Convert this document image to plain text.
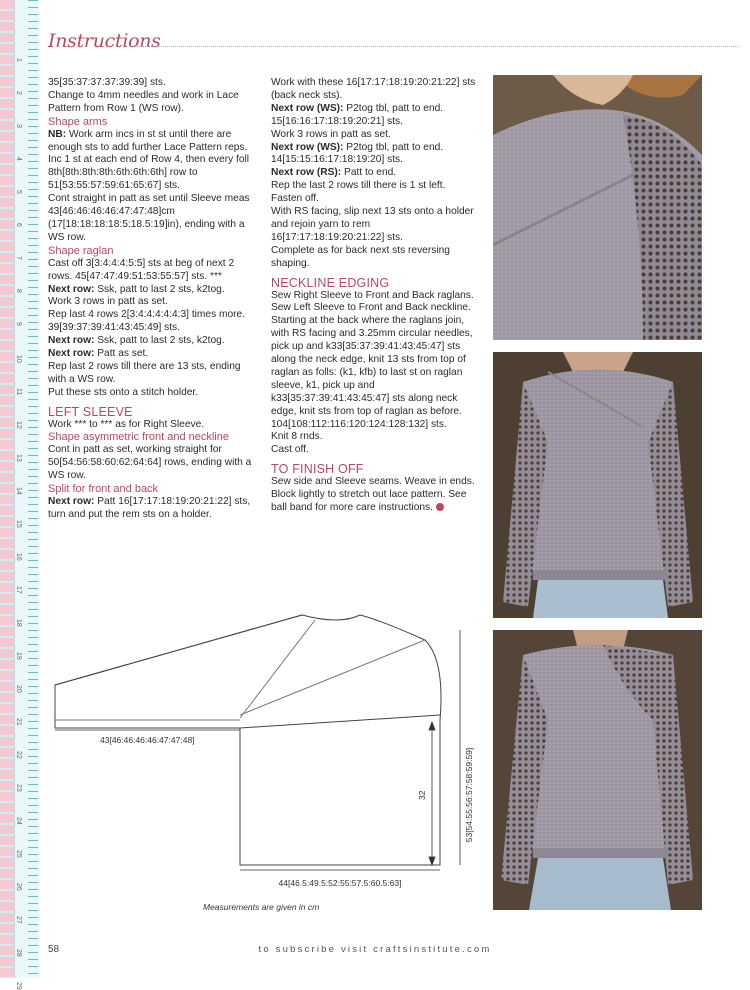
1
2
3
4
5
6
7
8
9
10
11
12
13
14
15
16
17
18
19
20
21
22
23
24
25
26
27
28
29
Instructions

35[35:37:37:37:39:39] sts.

Change to 4mm needles and work in Lace Pattern from Row 1 (WS row).

Shape arms

NB: Work arm incs in st st until there are enough sts to add further Lace Pattern reps. Inc 1 st at each end of Row 4, then every foll 8th[8th:8th:8th:6th:6th:6th] row to 51[53:55:57:59:61:65:67] sts.

Cont straight in patt as set until Sleeve meas 43[46:46:46:46:47:47:48]cm (17[18:18:18:18:5:18.5:19]in), ending with a WS row.

Shape raglan

Cast off 3[3:4:4:4:5:5] sts at beg of next 2 rows. 45[47:47:49:51:53:55:57] sts. ***

Next row: Ssk, patt to last 2 sts, k2tog.

Work 3 rows in patt as set.

Rep last 4 rows 2[3:4:4:4:4:4:3] times more. 39[39:37:39:41:43:45:49] sts.

Next row: Ssk, patt to last 2 sts, k2tog.

Next row: Patt as set.

Rep last 2 rows till there are 13 sts, ending with a WS row.

Put these sts onto a stitch holder.

LEFT SLEEVE

Work *** to *** as for Right Sleeve.

Shape asymmetric front and neckline

Cont in patt as set, working straight for 50[54:56:58:60:62:64:64] rows, ending with a WS row.

Split for front and back

Next row: Patt 16[17:17:18:19:20:21:22] sts, turn and put the rem sts on a holder.

Work with these 16[17:17:18:19:20:21:22] sts (back neck sts).

Next row (WS): P2tog tbl, patt to end.

15[16:16:17:18:19:20:21] sts.

Work 3 rows in patt as set.

Next row (WS): P2tog tbl, patt to end.

14[15:15:16:17:18:19:20] sts.

Next row (RS): Patt to end.

Rep the last 2 rows till there is 1 st left.

Fasten off.

With RS facing, slip next 13 sts onto a holder and rejoin yarn to rem 16[17:17:18:19:20:21:22] sts.

Complete as for back next sts reversing shaping.

NECKLINE EDGING

Sew Right Sleeve to Front and Back raglans. Sew Left Sleeve to Front and Back neckline. Starting at the back where the raglans join, with RS facing and 3.25mm circular needles, pick up and k33[35:37:39:41:43:45:47] sts along the neck edge, knit 13 sts from top of raglan as folls: (k1, kfb) to last st on raglan sleeve, k1, pick up and k33[35:37:39:41:43:45:47] sts along neck edge, knit sts from top of raglan as before. 104[108:112:116:120:124:128:132] sts.

Knit 8 rnds.

Cast off.

TO FINISH OFF

Sew side and Sleeve seams. Weave in ends. Block lightly to stretch out lace pattern. See ball band for more care instructions.

43[46:46:46:46:47:47:48]
32	53[54:55:56:57:58:59:59]
44[46.5:49.5:52:55:57.5:60.5:63]
Measurements are given in cm
58	to subscribe visit craftsinstitute.com
